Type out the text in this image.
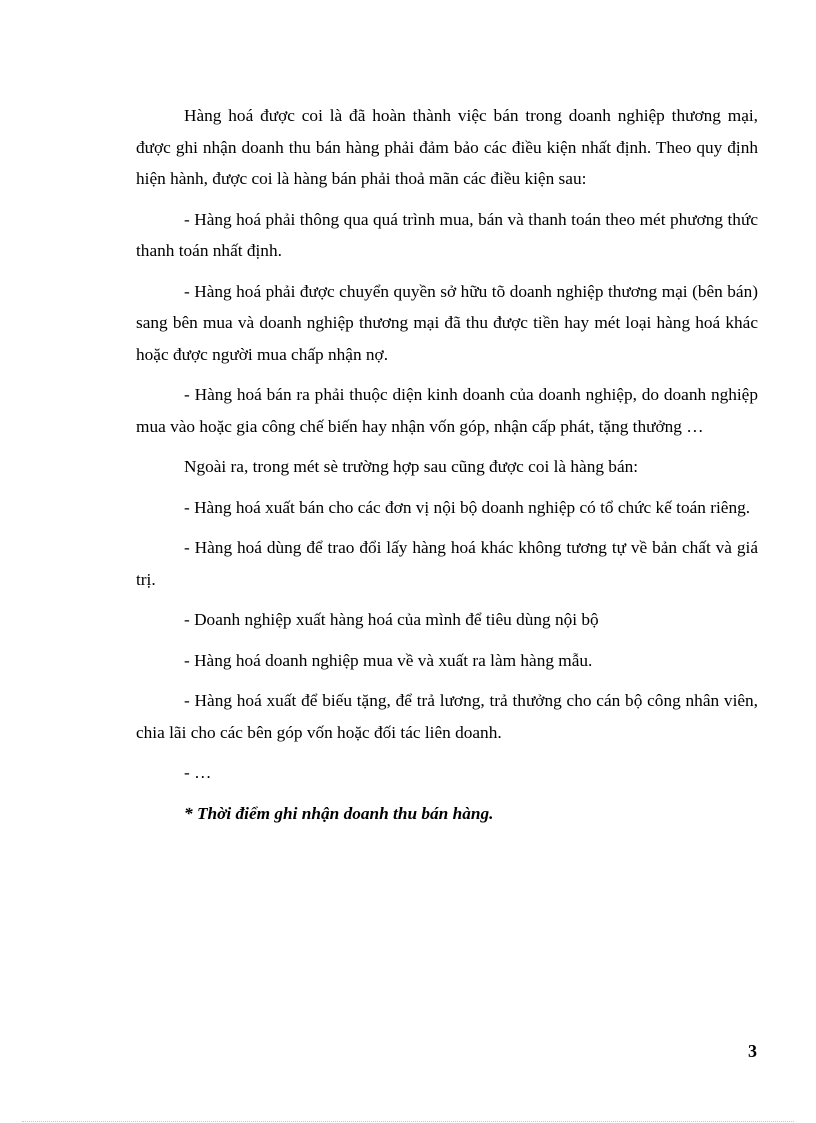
Hàng hoá được coi là đã hoàn thành việc bán trong doanh nghiệp thương mại, được ghi nhận doanh thu bán hàng phải đảm bảo các điều kiện nhất định. Theo quy định hiện hành, được coi là hàng bán phải thoả mãn các điều kiện sau:

- Hàng hoá phải thông qua quá trình mua, bán và thanh toán theo mét phương thức thanh toán nhất định.

- Hàng hoá phải được chuyển quyền sở hữu tõ doanh nghiệp thương mại (bên bán) sang bên mua và doanh nghiệp thương mại đã thu được tiền hay mét loại hàng hoá khác hoặc được người mua chấp nhận nợ.

- Hàng hoá bán ra phải thuộc diện kinh doanh của doanh nghiệp, do doanh nghiệp mua vào hoặc gia công chế biến hay nhận vốn góp, nhận cấp phát, tặng thưởng …

Ngoài ra, trong mét sè trường hợp sau cũng được coi là hàng bán:

- Hàng hoá xuất bán cho các đơn vị nội bộ doanh nghiệp có tổ chức kế toán riêng.

- Hàng hoá dùng để trao đổi lấy hàng hoá khác không tương tự về bản chất và giá trị.

- Doanh nghiệp xuất hàng hoá của mình để tiêu dùng nội bộ

- Hàng hoá doanh nghiệp mua về và xuất ra làm hàng mẫu.

- Hàng hoá xuất để biếu tặng, để trả lương, trả thưởng cho cán bộ công nhân viên, chia lãi cho các bên góp vốn hoặc đối tác liên doanh.

- …

* Thời điểm ghi nhận doanh thu bán hàng.

3
